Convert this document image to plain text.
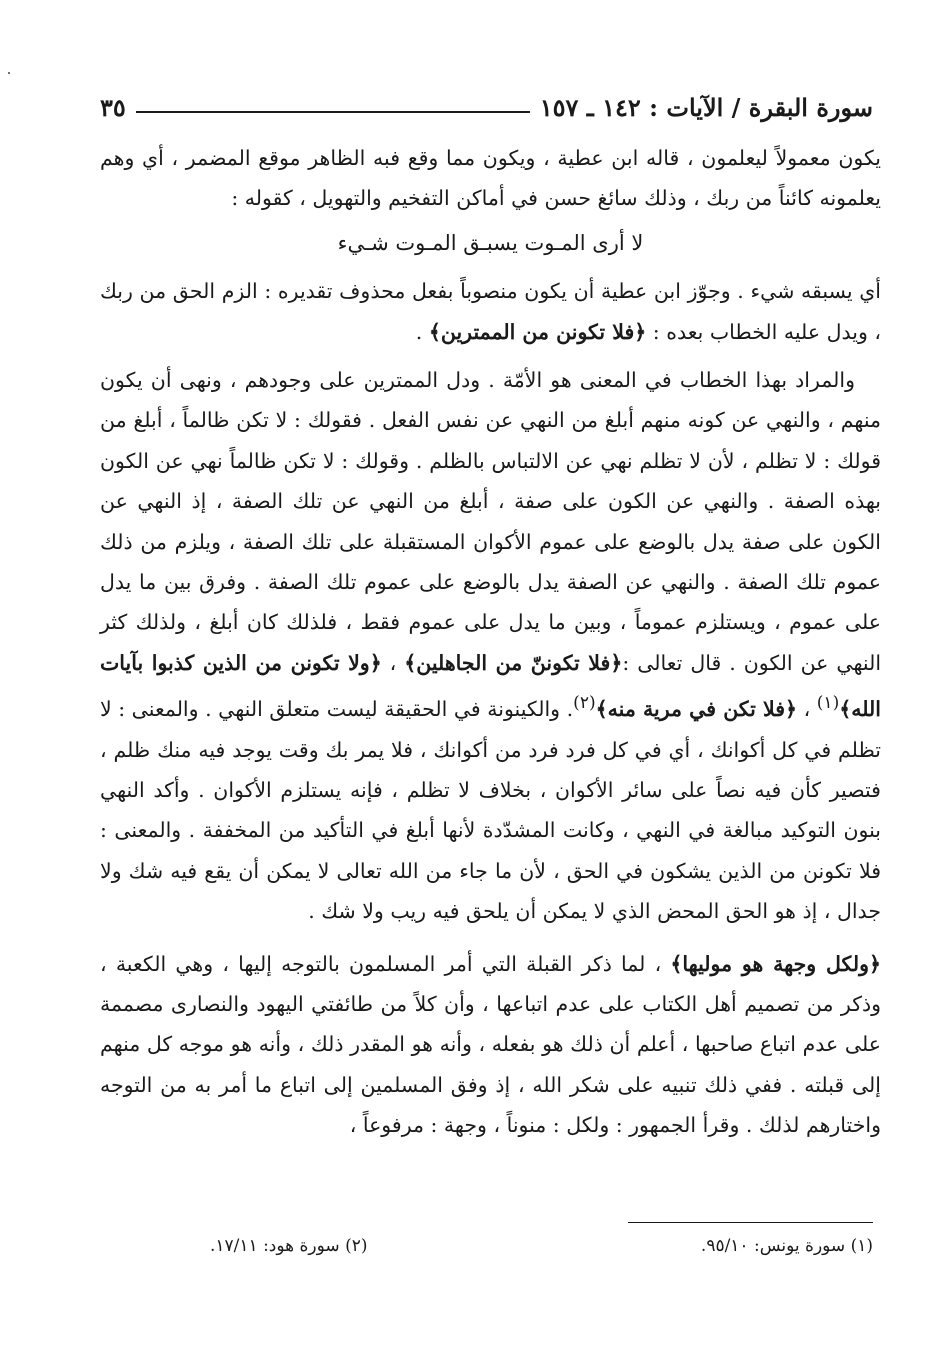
سورة البقرة / الآيات : ١٤٢ ـ ١٥٧
٣٥

يكون معمولاً ليعلمون ، قاله ابن عطية ، ويكون مما وقع فبه الظاهر موقع المضمر ، أي وهم يعلمونه كائناً من ربك ، وذلك سائغ حسن في أماكن التفخيم والتهويل ، كقوله :

لا أرى المـوت يسبـق المـوت شـيء

أي يسبقه شيء . وجوّز ابن عطية أن يكون منصوباً بفعل محذوف تقديره : الزم الحق من ربك ، ويدل عليه الخطاب بعده : ﴿فلا تكونن من الممترين﴾ .

والمراد بهذا الخطاب في المعنى هو الأمّة . ودل الممترين على وجودهم ، ونهى أن يكون منهم ، والنهي عن كونه منهم أبلغ من النهي عن نفس الفعل . فقولك : لا تكن ظالماً ، أبلغ من قولك : لا تظلم ، لأن لا تظلم نهي عن الالتباس بالظلم . وقولك : لا تكن ظالماً نهي عن الكون بهذه الصفة . والنهي عن الكون على صفة ، أبلغ من النهي عن تلك الصفة ، إذ النهي عن الكون على صفة يدل بالوضع على عموم الأكوان المستقبلة على تلك الصفة ، ويلزم من ذلك عموم تلك الصفة . والنهي عن الصفة يدل بالوضع على عموم تلك الصفة . وفرق بين ما يدل على عموم ، ويستلزم عموماً ، وبين ما يدل على عموم فقط ، فلذلك كان أبلغ ، ولذلك كثر النهي عن الكون . قال تعالى :﴿فلا تكوننّ من الجاهلين﴾ ، ﴿ولا تكونن من الذين كذبوا بآيات الله﴾$^{(١)}$ ، ﴿فلا تكن في مرية منه﴾$^{(٢)}$. والكينونة في الحقيقة ليست متعلق النهي . والمعنى : لا تظلم في كل أكوانك ، أي في كل فرد فرد من أكوانك ، فلا يمر بك وقت يوجد فيه منك ظلم ، فتصير كأن فيه نصاً على سائر الأكوان ، بخلاف لا تظلم ، فإنه يستلزم الأكوان . وأكد النهي بنون التوكيد مبالغة في النهي ، وكانت المشدّدة لأنها أبلغ في التأكيد من المخففة . والمعنى : فلا تكونن من الذين يشكون في الحق ، لأن ما جاء من الله تعالى لا يمكن أن يقع فيه شك ولا جدال ، إذ هو الحق المحض الذي لا يمكن أن يلحق فيه ريب ولا شك .

﴿ولكل وجهة هو موليها﴾ ، لما ذكر القبلة التي أمر المسلمون بالتوجه إليها ، وهي الكعبة ، وذكر من تصميم أهل الكتاب على عدم اتباعها ، وأن كلاً من طائفتي اليهود والنصارى مصممة على عدم اتباع صاحبها ، أعلم أن ذلك هو بفعله ، وأنه هو المقدر ذلك ، وأنه هو موجه كل منهم إلى قبلته . ففي ذلك تنبيه على شكر الله ، إذ وفق المسلمين إلى اتباع ما أمر به من التوجه واختارهم لذلك . وقرأ الجمهور : ولكل : منوناً ، وجهة : مرفوعاً ،

(١) سورة يونس: ٩٥/١٠.
(٢) سورة هود: ١٧/١١.
